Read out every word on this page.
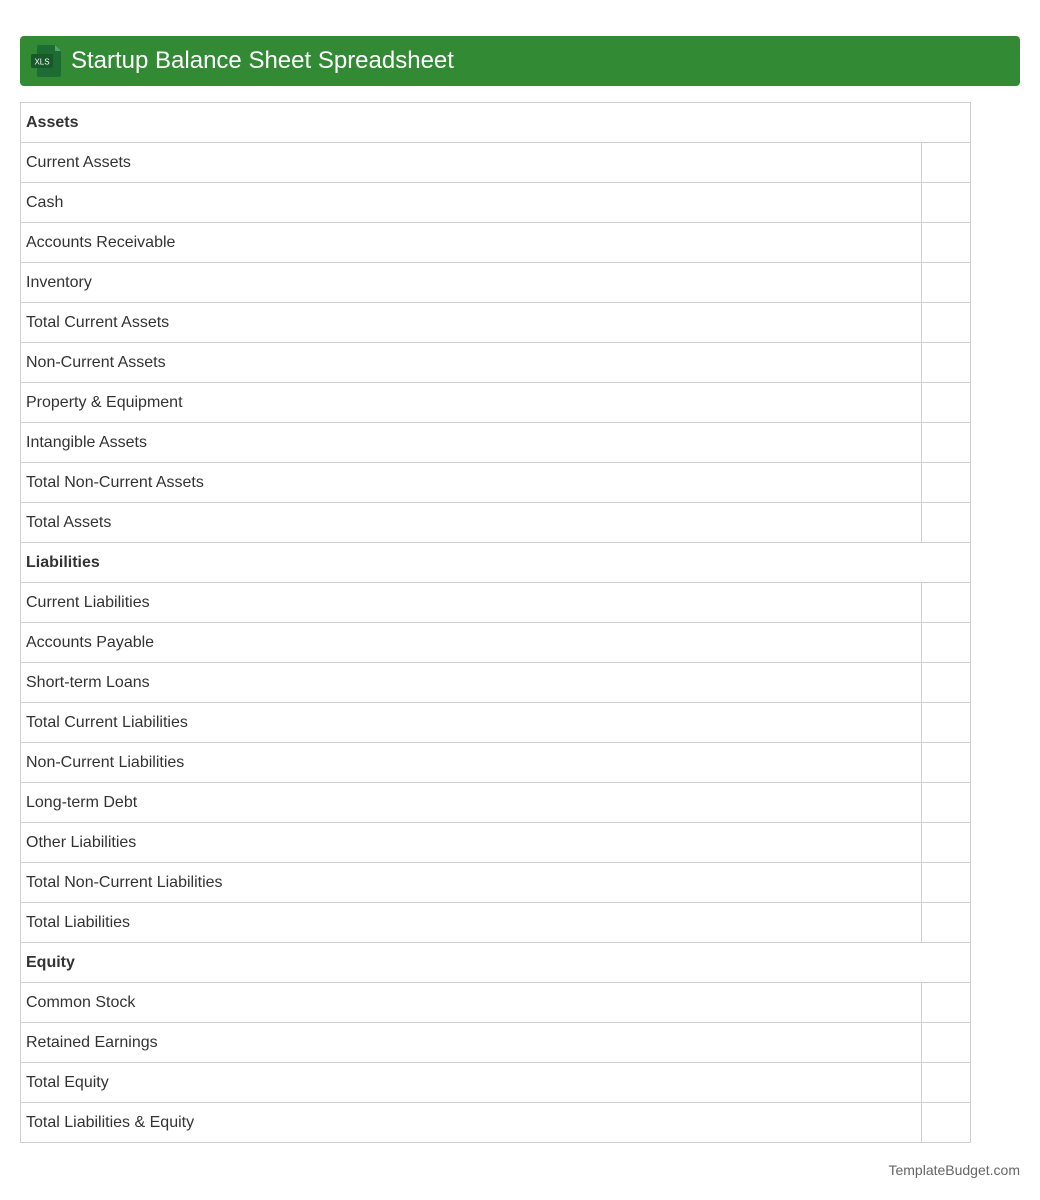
XLS Startup Balance Sheet Spreadsheet
Assets	
Current Assets	
Cash	
Accounts Receivable	
Inventory	
Total Current Assets	
Non-Current Assets	
Property & Equipment	
Intangible Assets	
Total Non-Current Assets	
Total Assets	
Liabilities	
Current Liabilities	
Accounts Payable	
Short-term Loans	
Total Current Liabilities	
Non-Current Liabilities	
Long-term Debt	
Other Liabilities	
Total Non-Current Liabilities	
Total Liabilities	
Equity	
Common Stock	
Retained Earnings	
Total Equity	
Total Liabilities & Equity	
TemplateBudget.com
